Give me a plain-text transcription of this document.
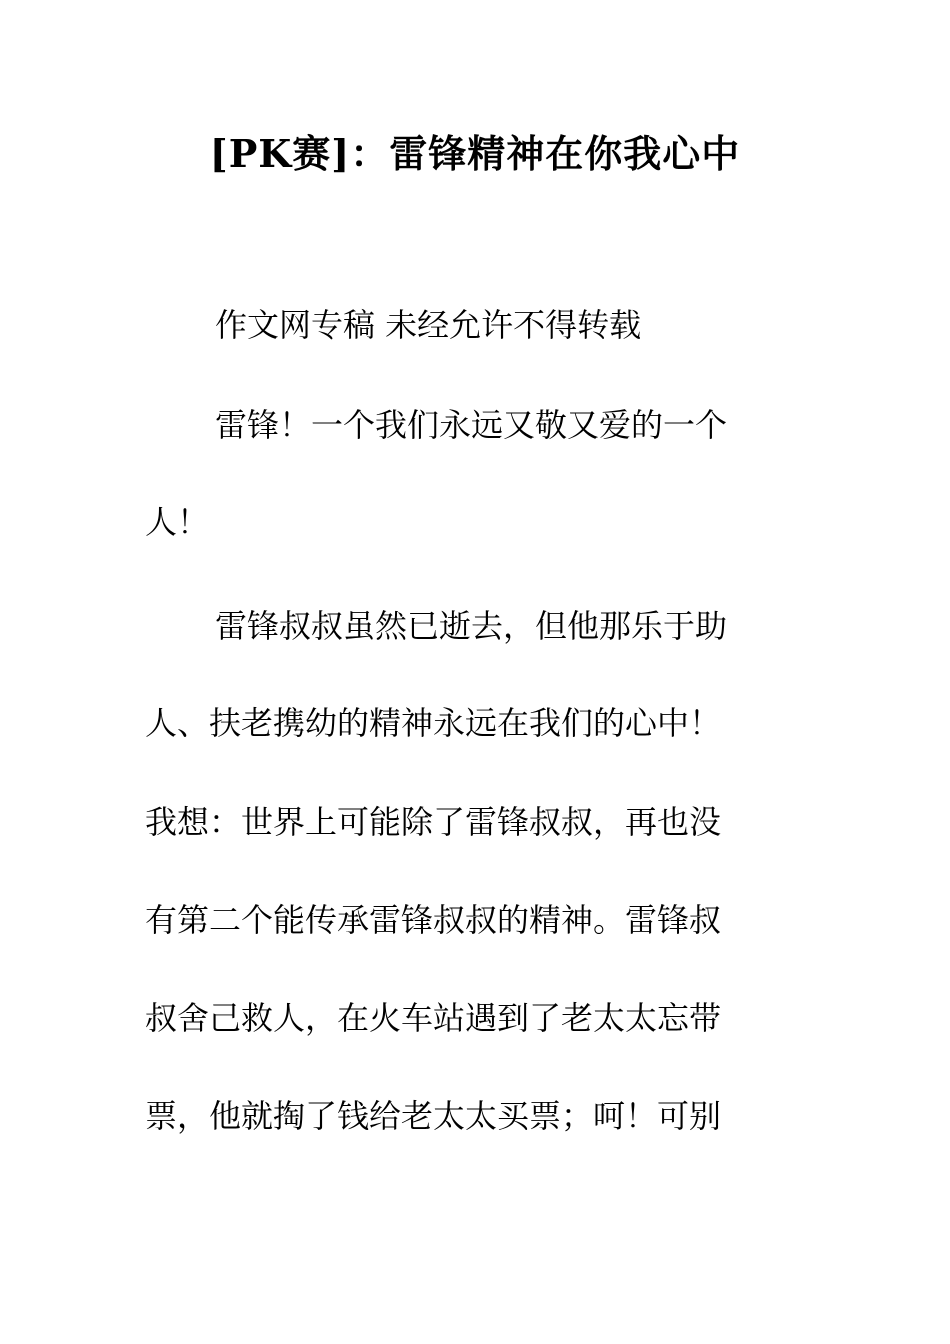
[PK赛]：雷锋精神在你我心中
作文网专稿 未经允许不得转载
雷锋！一个我们永远又敬又爱的一个
人！
雷锋叔叔虽然已逝去，但他那乐于助
人、扶老携幼的精神永远在我们的心中！
我想：世界上可能除了雷锋叔叔，再也没
有第二个能传承雷锋叔叔的精神。雷锋叔
叔舍己救人，在火车站遇到了老太太忘带
票，他就掏了钱给老太太买票；呵！可别
